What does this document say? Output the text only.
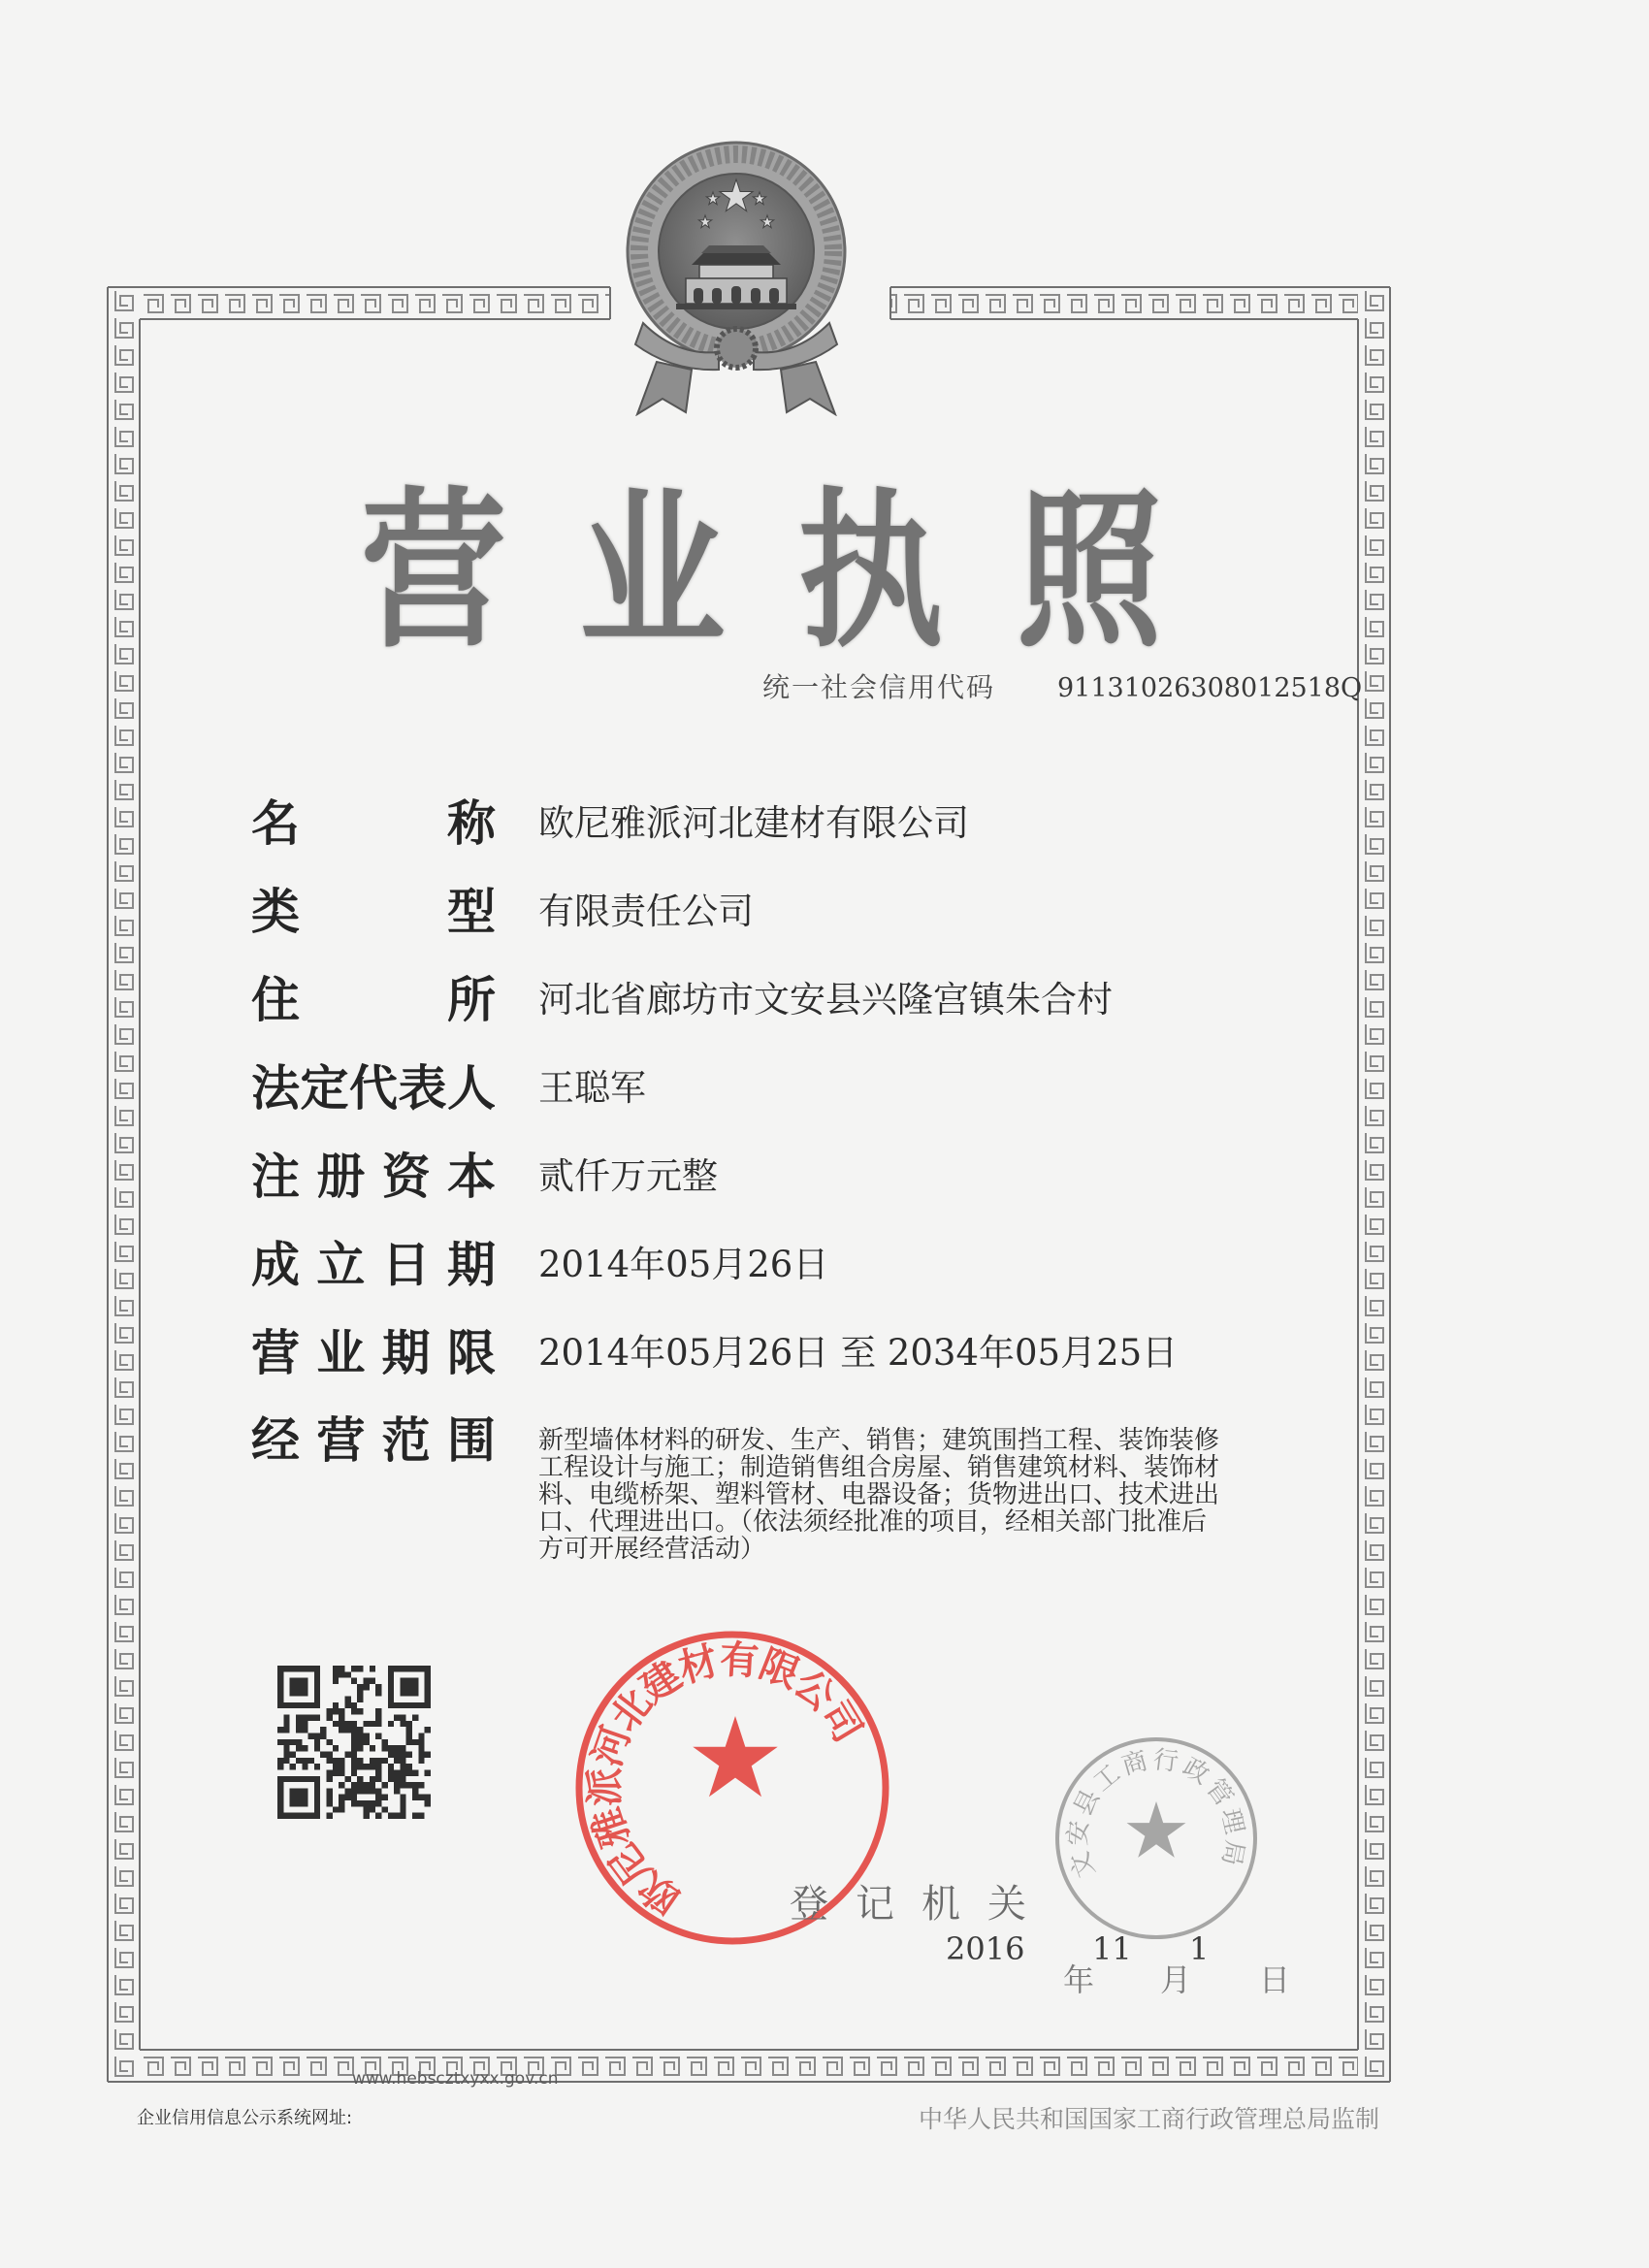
营 业 执 照
统一社会信用代码 91131026308012518Q
名	称 欧尼雅派河北建材有限公司
类	型 有限责任公司
住	所 河北省廊坊市文安县兴隆宫镇朱合村
法 定 代 表 人 王聪军
注 册 资 本 贰仟万元整
成 立 日 期 2014年05月26日
营 业 期 限 2014年05月26日 至 2034年05月25日
经 营 范 围 新型墙体材料的研发、生产、销售；建筑围挡工程、装饰装修
工程设计与施工；制造销售组合房屋、销售建筑材料、装饰材
料、电缆桥架、塑料管材、电器设备；货物进出口、技术进出
口、代理进出口。（依法须经批准的项目，经相关部门批准后
方可开展经营活动）
欧尼雅派河北建材有限公司
文安县工商行政管理局
登 记 机 关
2016 11 1
年 月 日
www.hebscztxyxx.gov.cn
企业信用信息公示系统网址:	中华人民共和国国家工商行政管理总局监制
